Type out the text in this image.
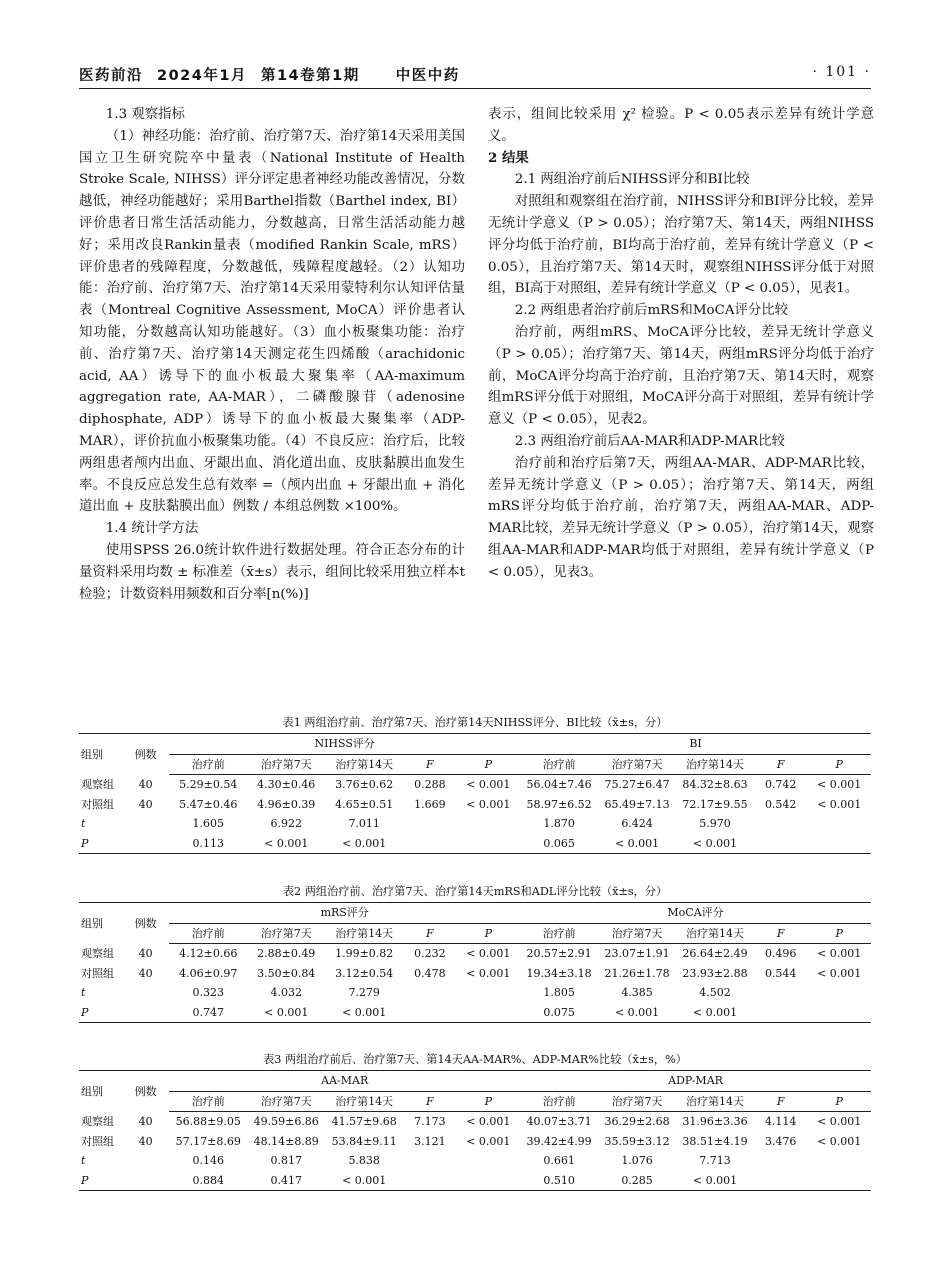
医药前沿 2024年1月 第14卷第1期 中医中药	· 101 ·

1.3 观察指标

（1）神经功能：治疗前、治疗第7天、治疗第14天采用美国国立卫生研究院卒中量表（National Institute of Health Stroke Scale, NIHSS）评分评定患者神经功能改善情况，分数越低，神经功能越好；采用Barthel指数（Barthel index, BI）评价患者日常生活活动能力，分数越高，日常生活活动能力越好；采用改良Rankin量表（modified Rankin Scale, mRS）评价患者的残障程度，分数越低，残障程度越轻。（2）认知功能：治疗前、治疗第7天、治疗第14天采用蒙特利尔认知评估量表（Montreal Cognitive Assessment, MoCA）评价患者认知功能，分数越高认知功能越好。（3）血小板聚集功能：治疗前、治疗第7天、治疗第14天测定花生四烯酸（arachidonic acid, AA）诱导下的血小板最大聚集率（AA-maximum aggregation rate, AA-MAR），二磷酸腺苷（adenosine diphosphate, ADP）诱导下的血小板最大聚集率（ADP-MAR），评价抗血小板聚集功能。（4）不良反应：治疗后，比较两组患者颅内出血、牙龈出血、消化道出血、皮肤黏膜出血发生率。不良反应总发生总有效率 =（颅内出血 + 牙龈出血 + 消化道出血 + 皮肤黏膜出血）例数 / 本组总例数 ×100%。

1.4 统计学方法

使用SPSS 26.0统计软件进行数据处理。符合正态分布的计量资料采用均数 ± 标准差（x̄±s）表示，组间比较采用独立样本t检验；计数资料用频数和百分率[n(%)]

表示，组间比较采用 χ² 检验。P < 0.05表示差异有统计学意义。

2 结果

2.1 两组治疗前后NIHSS评分和BI比较

对照组和观察组在治疗前，NIHSS评分和BI评分比较，差异无统计学意义（P > 0.05）；治疗第7天、第14天，两组NIHSS评分均低于治疗前，BI均高于治疗前，差异有统计学意义（P < 0.05），且治疗第7天、第14天时，观察组NIHSS评分低于对照组，BI高于对照组，差异有统计学意义（P < 0.05），见表1。

2.2 两组患者治疗前后mRS和MoCA评分比较

治疗前，两组mRS、MoCA评分比较，差异无统计学意义（P > 0.05）；治疗第7天、第14天，两组mRS评分均低于治疗前，MoCA评分均高于治疗前，且治疗第7天、第14天时，观察组mRS评分低于对照组，MoCA评分高于对照组，差异有统计学意义（P < 0.05），见表2。

2.3 两组治疗前后AA-MAR和ADP-MAR比较

治疗前和治疗后第7天，两组AA-MAR、ADP-MAR比较，差异无统计学意义（P > 0.05）；治疗第7天、第14天，两组mRS评分均低于治疗前，治疗第7天，两组AA-MAR、ADP-MAR比较，差异无统计学意义（P > 0.05），治疗第14天，观察组AA-MAR和ADP-MAR均低于对照组，差异有统计学意义（P < 0.05），见表3。

表1 两组治疗前、治疗第7天、治疗第14天NIHSS评分、BI比较（x̄±s，分）
组别	例数	NIHSS评分					BI				
		治疗前	治疗第7天	治疗第14天	F	P	治疗前	治疗第7天	治疗第14天	F	P
观察组	40	5.29±0.54	4.30±0.46	3.76±0.62	0.288	< 0.001	56.04±7.46	75.27±6.47	84.32±8.63	0.742	< 0.001
对照组	40	5.47±0.46	4.96±0.39	4.65±0.51	1.669	< 0.001	58.97±6.52	65.49±7.13	72.17±9.55	0.542	< 0.001
t		1.605	6.922	7.011			1.870	6.424	5.970		
P		0.113	< 0.001	< 0.001			0.065	< 0.001	< 0.001		
表2 两组治疗前、治疗第7天、治疗第14天mRS和ADL评分比较（x̄±s，分）
组别	例数	mRS评分					MoCA评分				
		治疗前	治疗第7天	治疗第14天	F	P	治疗前	治疗第7天	治疗第14天	F	P
观察组	40	4.12±0.66	2.88±0.49	1.99±0.82	0.232	< 0.001	20.57±2.91	23.07±1.91	26.64±2.49	0.496	< 0.001
对照组	40	4.06±0.97	3.50±0.84	3.12±0.54	0.478	< 0.001	19.34±3.18	21.26±1.78	23.93±2.88	0.544	< 0.001
t		0.323	4.032	7.279			1.805	4.385	4.502		
P		0.747	< 0.001	< 0.001			0.075	< 0.001	< 0.001		
表3 两组治疗前后、治疗第7天、第14天AA-MAR%、ADP-MAR%比较（x̄±s，%）
组别	例数	AA-MAR					ADP-MAR				
		治疗前	治疗第7天	治疗第14天	F	P	治疗前	治疗第7天	治疗第14天	F	P
观察组	40	56.88±9.05	49.59±6.86	41.57±9.68	7.173	< 0.001	40.07±3.71	36.29±2.68	31.96±3.36	4.114	< 0.001
对照组	40	57.17±8.69	48.14±8.89	53.84±9.11	3.121	< 0.001	39.42±4.99	35.59±3.12	38.51±4.19	3.476	< 0.001
t		0.146	0.817	5.838			0.661	1.076	7.713		
P		0.884	0.417	< 0.001			0.510	0.285	< 0.001		
